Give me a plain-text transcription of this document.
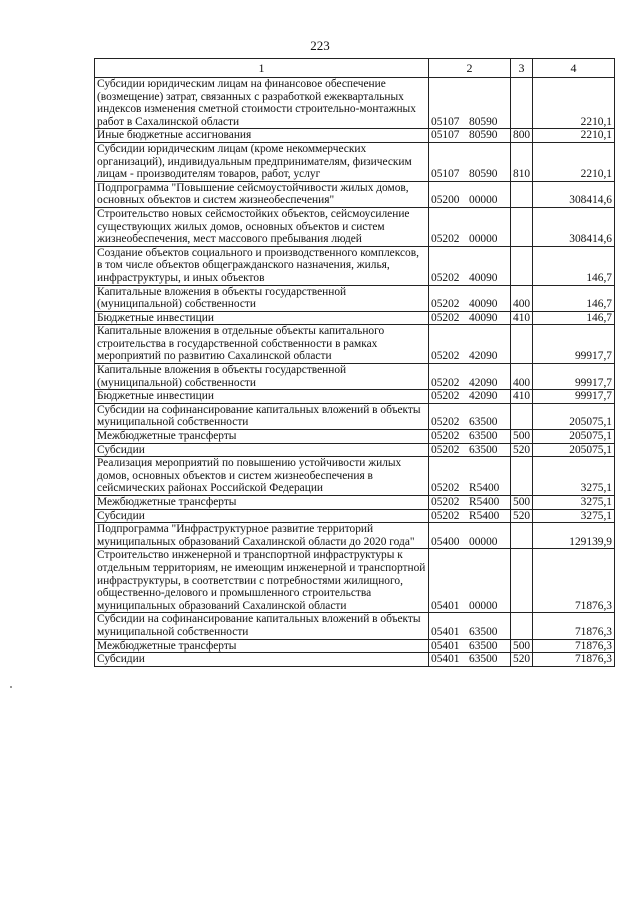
223
1	2	3	4
Субсидии юридическим лицам на финансовое обеспечение (возмещение) затрат, связанных с разработкой ежеквартальных индексов изменения сметной стоимости строительно-монтажных работ в Сахалинской области	05107 80590		2210,1
Иные бюджетные ассигнования	05107 80590	800	2210,1
Субсидии юридическим лицам (кроме некоммерческих организаций), индивидуальным предпринимателям, физическим лицам - производителям товаров, работ, услуг	05107 80590	810	2210,1
Подпрограмма "Повышение сейсмоустойчивости жилых домов, основных объектов и систем жизнеобеспечения"	05200 00000		308414,6
Строительство новых сейсмостойких объектов, сейсмоусиление существующих жилых домов, основных объектов и систем жизнеобеспечения, мест массового пребывания людей	05202 00000		308414,6
Создание объектов социального и производственного комплексов, в том числе объектов общегражданского назначения, жилья, инфраструктуры, и иных объектов	05202 40090		146,7
Капитальные вложения в объекты государственной (муниципальной) собственности	05202 40090	400	146,7
Бюджетные инвестиции	05202 40090	410	146,7
Капитальные вложения в отдельные объекты капитального строительства в государственной собственности в рамках мероприятий по развитию Сахалинской области	05202 42090		99917,7
Капитальные вложения в объекты государственной (муниципальной) собственности	05202 42090	400	99917,7
Бюджетные инвестиции	05202 42090	410	99917,7
Субсидии на софинансирование капитальных вложений в объекты муниципальной собственности	05202 63500		205075,1
Межбюджетные трансферты	05202 63500	500	205075,1
Субсидии	05202 63500	520	205075,1
Реализация мероприятий по повышению устойчивости жилых домов, основных объектов и систем жизнеобеспечения в сейсмических районах Российской Федерации	05202 R5400		3275,1
Межбюджетные трансферты	05202 R5400	500	3275,1
Субсидии	05202 R5400	520	3275,1
Подпрограмма "Инфраструктурное развитие территорий муниципальных образований Сахалинской области до 2020 года"	05400 00000		129139,9
Строительство инженерной и транспортной инфраструктуры к отдельным территориям, не имеющим инженерной и транспортной инфраструктуры, в соответствии с потребностями жилищного, общественно-делового и промышленного строительства муниципальных образований Сахалинской области	05401 00000		71876,3
Субсидии на софинансирование капитальных вложений в объекты муниципальной собственности	05401 63500		71876,3
Межбюджетные трансферты	05401 63500	500	71876,3
Субсидии	05401 63500	520	71876,3
